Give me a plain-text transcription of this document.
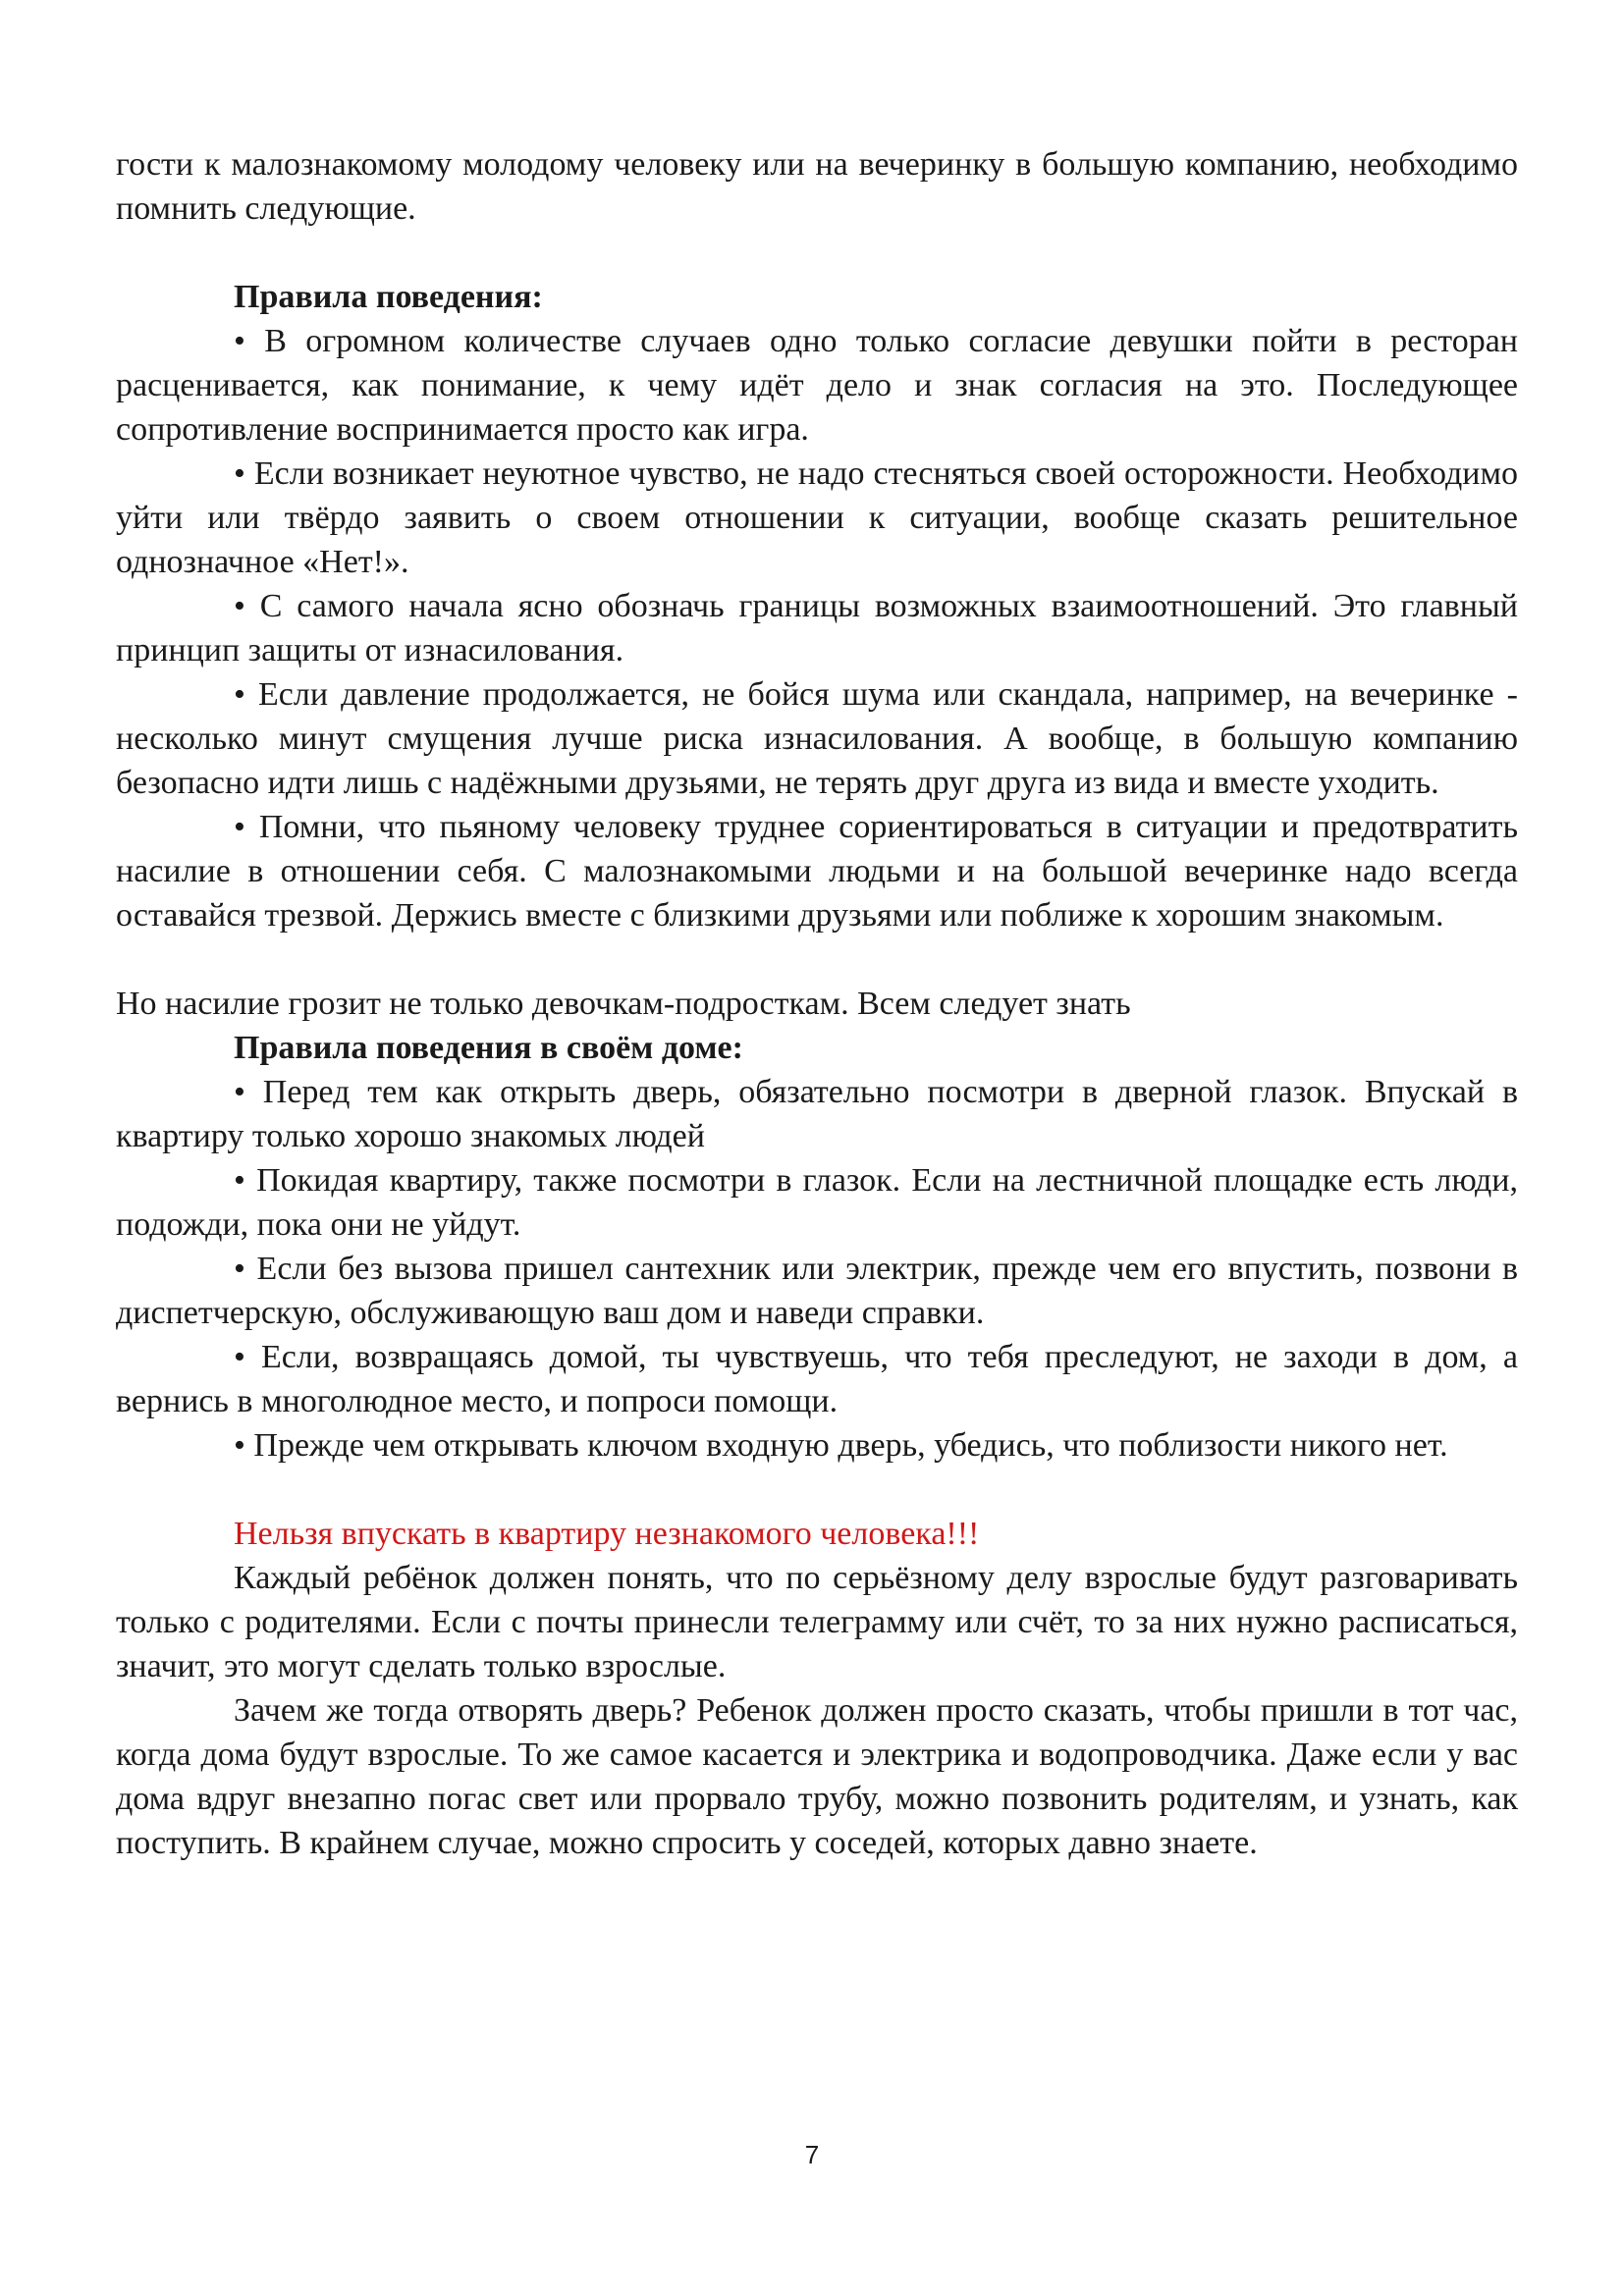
гости к малознакомому молодому человеку или на вечеринку в большую компанию, необходимо помнить следующие.

Правила поведения:

• В огромном количестве случаев одно только согласие девушки пойти в ресторан расценивается, как понимание, к чему идёт дело и знак согласия на это. Последующее сопротивление воспринимается просто как игра.

• Если возникает неуютное чувство, не надо стесняться своей осторожности. Необходимо уйти или твёрдо заявить о своем отношении к ситуации, вообще сказать решительное однозначное «Нет!».

• С самого начала ясно обозначь границы возможных взаимоотношений. Это главный принцип защиты от изнасилования.

• Если давление продолжается, не бойся шума или скандала, например, на вечеринке - несколько минут смущения лучше риска изнасилования. А вообще, в большую компанию безопасно идти лишь с надёжными друзьями, не терять друг друга из вида и вместе уходить.

• Помни, что пьяному человеку труднее сориентироваться в ситуации и предотвратить насилие в отношении себя. С малознакомыми людьми и на большой вечеринке надо всегда оставайся трезвой. Держись вместе с близкими друзьями или поближе к хорошим знакомым.

Но насилие грозит не только девочкам-подросткам. Всем следует знать

Правила поведения в своём доме:

• Перед тем как открыть дверь, обязательно посмотри в дверной глазок. Впускай в квартиру только хорошо знакомых людей

• Покидая квартиру, также посмотри в глазок. Если на лестничной площадке есть люди, подожди, пока они не уйдут.

• Если без вызова пришел сантехник или электрик, прежде чем его впустить, позвони в диспетчерскую, обслуживающую ваш дом и наведи справки.

• Если, возвращаясь домой, ты чувствуешь, что тебя преследуют, не заходи в дом, а вернись в многолюдное место, и попроси помощи.

• Прежде чем открывать ключом входную дверь, убедись, что поблизости никого нет.

Нельзя впускать в квартиру незнакомого человека!!!

Каждый ребёнок должен понять, что по серьёзному делу взрослые будут разговаривать только с родителями. Если с почты принесли телеграмму или счёт, то за них нужно расписаться, значит, это могут сделать только взрослые.

Зачем же тогда отворять дверь? Ребенок должен просто сказать, чтобы пришли в тот час, когда дома будут взрослые. То же самое касается и электрика и водопроводчика. Даже если у вас дома вдруг внезапно погас свет или прорвало трубу, можно позвонить родителям, и узнать, как поступить. В крайнем случае, можно спросить у соседей, которых давно знаете.

7
